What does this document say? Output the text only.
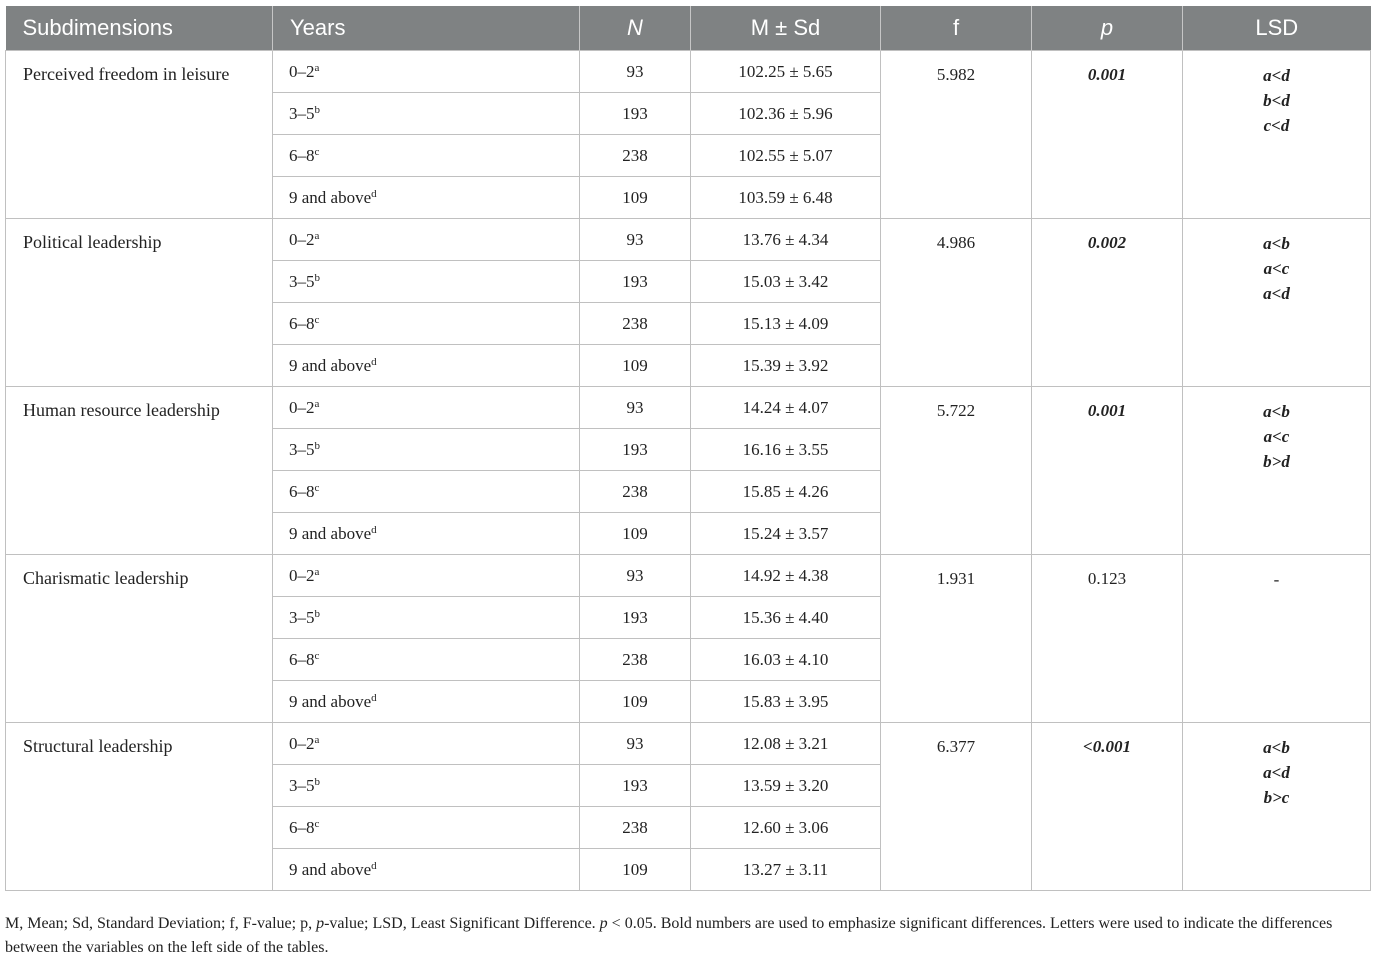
Subdimensions	Years	N	M ± Sd	f	p	LSD
Perceived freedom in leisure	0–2$^a$	93	102.25 ± 5.65	5.982	0.001	a<d
b<d
c<d

	3–5$^b$	193	102.36 ± 5.96			
	6–8$^c$	238	102.55 ± 5.07			
	9 and above$^d$	109	103.59 ± 6.48			
Political leadership	0–2$^a$	93	13.76 ± 4.34	4.986	0.002	a<b
a<c
a<d

	3–5$^b$	193	15.03 ± 3.42			
	6–8$^c$	238	15.13 ± 4.09			
	9 and above$^d$	109	15.39 ± 3.92			
Human resource leadership	0–2$^a$	93	14.24 ± 4.07	5.722	0.001	a<b
a<c
b>d

	3–5$^b$	193	16.16 ± 3.55			
	6–8$^c$	238	15.85 ± 4.26			
	9 and above$^d$	109	15.24 ± 3.57			
Charismatic leadership	0–2$^a$	93	14.92 ± 4.38	1.931	0.123	-

	3–5$^b$	193	15.36 ± 4.40			
	6–8$^c$	238	16.03 ± 4.10			
	9 and above$^d$	109	15.83 ± 3.95			
Structural leadership	0–2$^a$	93	12.08 ± 3.21	6.377	<0.001	a<b
a<d
b>c

	3–5$^b$	193	13.59 ± 3.20			
	6–8$^c$	238	12.60 ± 3.06			
	9 and above$^d$	109	13.27 ± 3.11			
M, Mean; Sd, Standard Deviation; f, F-value; p, p-value; LSD, Least Significant Difference. p < 0.05. Bold numbers are used to emphasize significant differences. Letters were used to indicate the differences between the variables on the left side of the tables.
